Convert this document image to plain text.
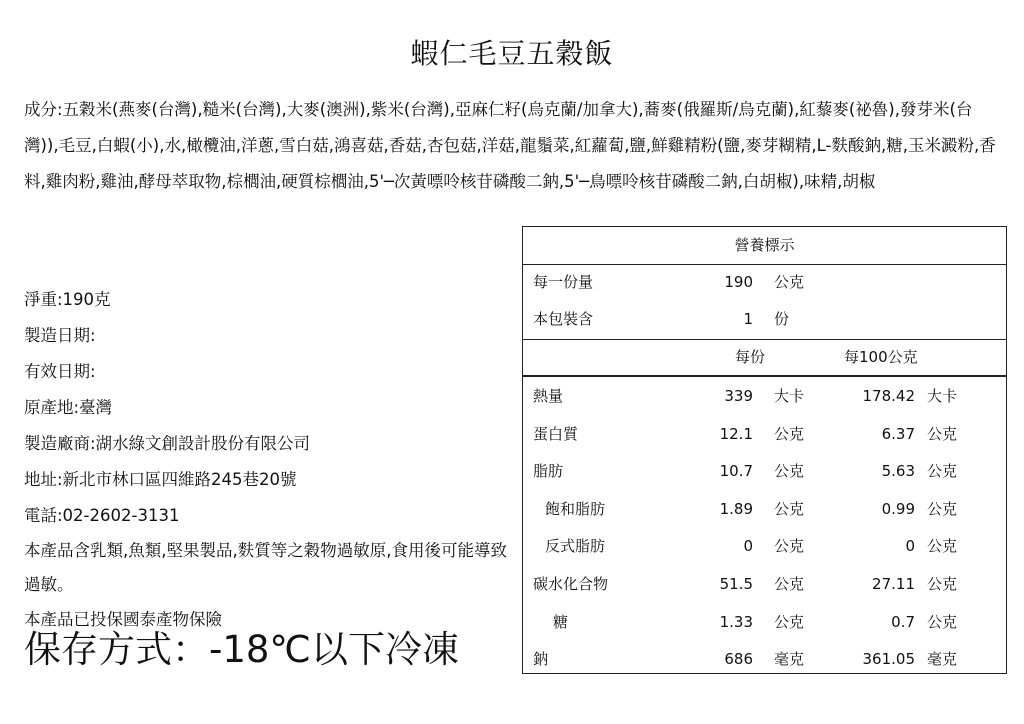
蝦仁毛豆五穀飯
成分:五穀米(燕麥(台灣),糙米(台灣),大麥(澳洲),紫米(台灣),亞麻仁籽(烏克蘭/加拿大),蕎麥(俄羅斯/烏克蘭),紅藜麥(祕魯),發芽米(台灣)),毛豆,白蝦(小),水,橄欖油,洋蔥,雪白菇,鴻喜菇,香菇,杏包菇,洋菇,龍鬚菜,紅蘿蔔,鹽,鮮雞精粉(鹽,麥芽糊精,L-麩酸鈉,糖,玉米澱粉,香料,雞肉粉,雞油,酵母萃取物,棕櫚油,硬質棕櫚油,5'─次黃嘌呤核苷磷酸二鈉,5'─鳥嘌呤核苷磷酸二鈉,白胡椒),味精,胡椒
淨重:190克
製造日期:
有效日期:
原產地:臺灣
製造廠商:湖水綠文創設計股份有限公司
地址:新北市林口區四維路245巷20號
電話:02-2602-3131
本產品含乳類,魚類,堅果製品,麩質等之穀物過敏原,食用後可能導致過敏。
本產品已投保國泰產物保險
保存方式：-18℃以下冷凍
營養標示
每一份量	190 公克
本包裝含	1 份
每份	每100公克
熱量	339 大卡	178.42 大卡
蛋白質	12.1 公克	6.37 公克
脂肪	10.7 公克	5.63 公克
飽和脂肪	1.89 公克	0.99 公克
反式脂肪	0 公克	0 公克
碳水化合物	51.5 公克	27.11 公克
糖	1.33 公克	0.7 公克
鈉	686 毫克	361.05 毫克
